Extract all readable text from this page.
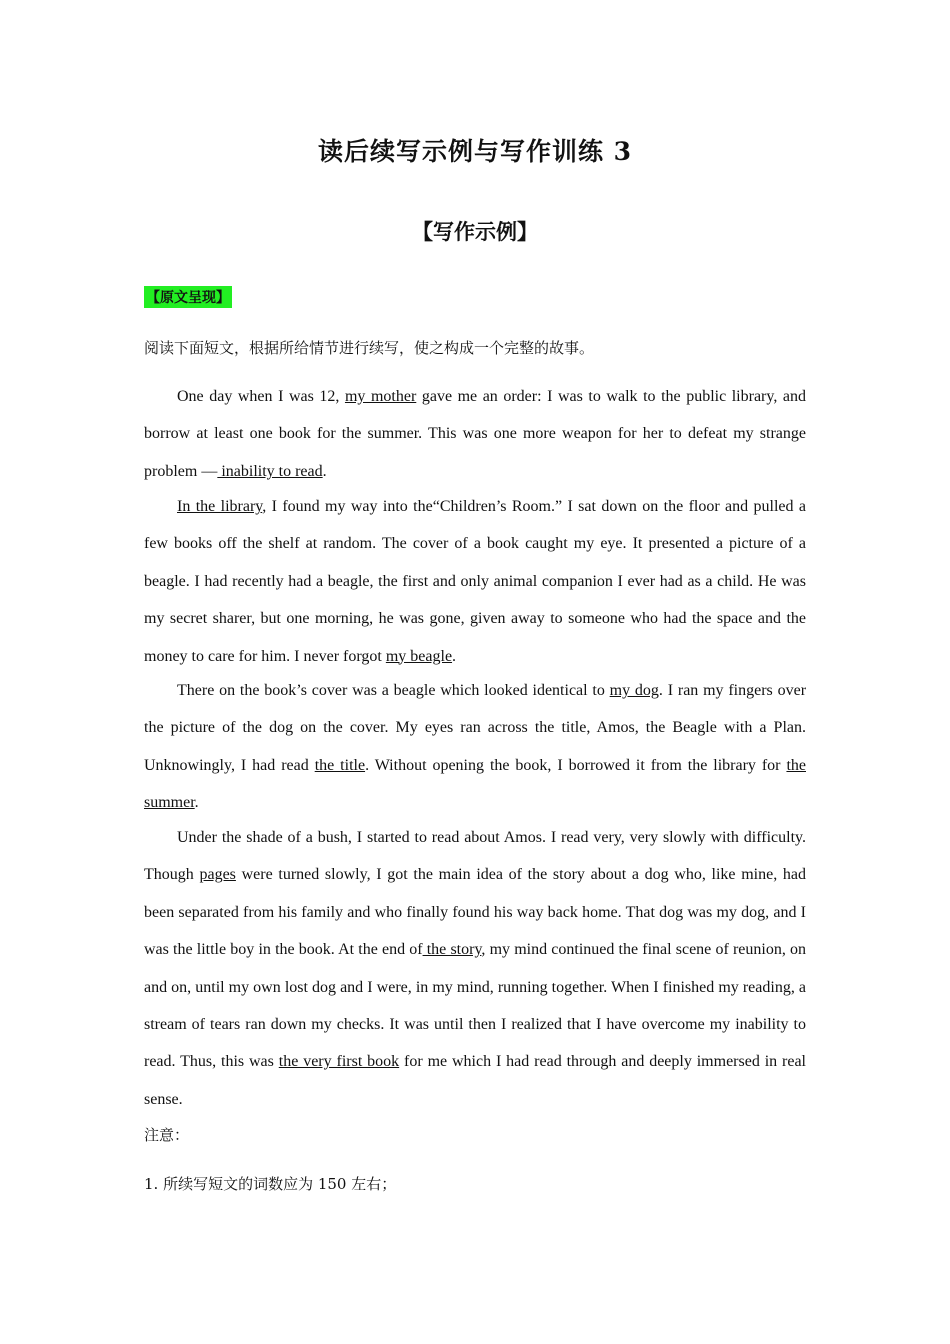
读后续写示例与写作训练 3
【写作示例】
【原文呈现】
阅读下面短文，根据所给情节进行续写，使之构成一个完整的故事。

One day when I was 12, my mother gave me an order: I was to walk to the public library, and borrow at least one book for the summer. This was one more weapon for her to defeat my strange problem — inability to read.

In the library, I found my way into the“Children’s Room.” I sat down on the floor and pulled a few books off the shelf at random. The cover of a book caught my eye. It presented a picture of a beagle. I had recently had a beagle, the first and only animal companion I ever had as a child. He was my secret sharer, but one morning, he was gone, given away to someone who had the space and the money to care for him. I never forgot my beagle.

There on the book’s cover was a beagle which looked identical to my dog. I ran my fingers over the picture of the dog on the cover. My eyes ran across the title, Amos, the Beagle with a Plan. Unknowingly, I had read the title. Without opening the book, I borrowed it from the library for the summer.

Under the shade of a bush, I started to read about Amos. I read very, very slowly with difficulty. Though pages were turned slowly, I got the main idea of the story about a dog who, like mine, had been separated from his family and who finally found his way back home. That dog was my dog, and I was the little boy in the book. At the end of the story, my mind continued the final scene of reunion, on and on, until my own lost dog and I were, in my mind, running together. When I finished my reading, a stream of tears ran down my checks. It was until then I realized that I have overcome my inability to read. Thus, this was the very first book for me which I had read through and deeply immersed in real sense.

注意：
1. 所续写短文的词数应为 150 左右；
